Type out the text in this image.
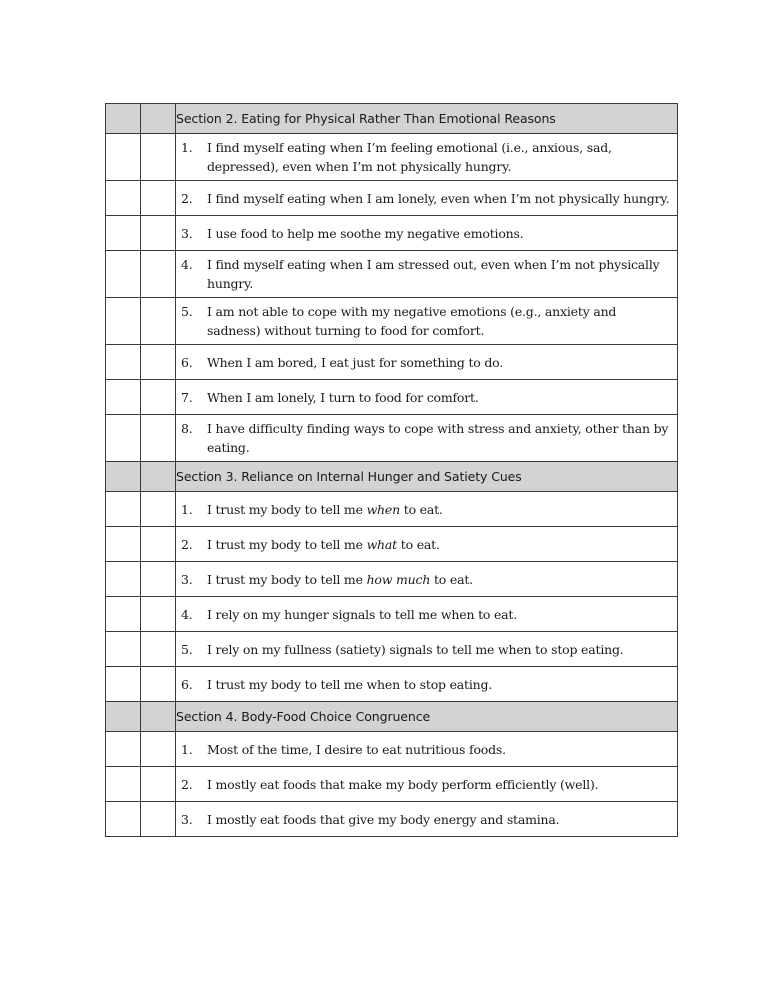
		Section 2. Eating for Physical Rather Than Emotional Reasons

		1. I find myself eating when I’m feeling emotional (i.e., anxious, sad, depressed), even when I’m not physically hungry.

		2. I find myself eating when I am lonely, even when I’m not physically hungry.

		3. I use food to help me soothe my negative emotions.

		4. I find myself eating when I am stressed out, even when I’m not physically hungry.

		5. I am not able to cope with my negative emotions (e.g., anxiety and sadness) without turning to food for comfort.

		6. When I am bored, I eat just for something to do.

		7. When I am lonely, I turn to food for comfort.

		8. I have difficulty finding ways to cope with stress and anxiety, other than by eating.

		Section 3. Reliance on Internal Hunger and Satiety Cues

		1. I trust my body to tell me when to eat.

		2. I trust my body to tell me what to eat.

		3. I trust my body to tell me how much to eat.

		4. I rely on my hunger signals to tell me when to eat.

		5. I rely on my fullness (satiety) signals to tell me when to stop eating.

		6. I trust my body to tell me when to stop eating.

		Section 4. Body-Food Choice Congruence

		1. Most of the time, I desire to eat nutritious foods.

		2. I mostly eat foods that make my body perform efficiently (well).

		3. I mostly eat foods that give my body energy and stamina.
